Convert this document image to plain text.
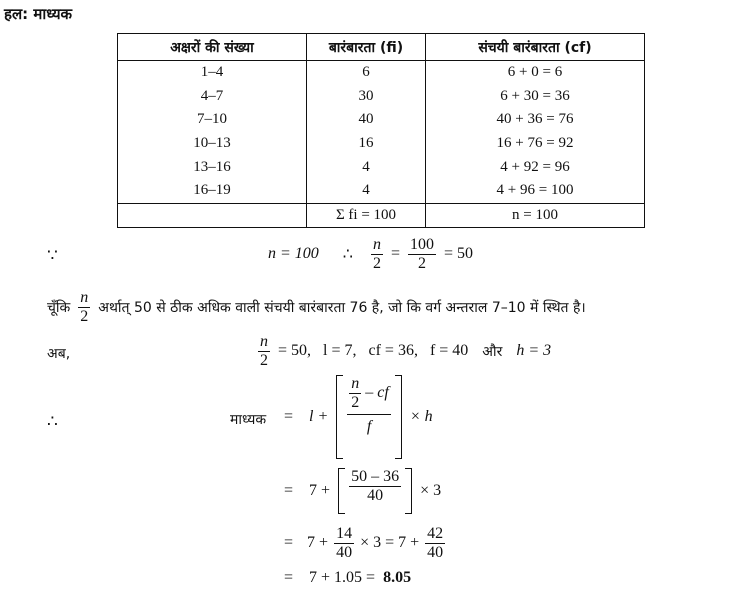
हल: माध्यक
अक्षरों की संख्या	बारंबारता (fi)	संचयी बारंबारता (cf)
1–4	6	6 + 0 = 6
4–7	30	6 + 30 = 36
7–10	40	40 + 36 = 76
10–13	16	16 + 76 = 92
13–16	4	4 + 92 = 96
16–19	4	4 + 96 = 100
	Σ fi = 100	n = 100
∵	n = 100 ∴ $\frac{n}{2} = \frac{100}{2} = 50$
चूँकि $\frac{n}{2}$ अर्थात् 50 से ठीक अधिक वाली संचयी बारंबारता 76 है, जो कि वर्ग अन्तराल 7–10 में स्थित है।
अब,	$\frac{n}{2} = 50$,   l = 7,   cf = 36,   f = 40 और h = 3
∴	माध्यक = $l + \frac{\frac{n}{2} - cf}{f} \times h$
= $7 + \frac{50 - 36}{40} \times 3$
= $7 + \frac{14}{40} \times 3 = 7 + \frac{42}{40}$
= 7 + 1.05 = 8.05
